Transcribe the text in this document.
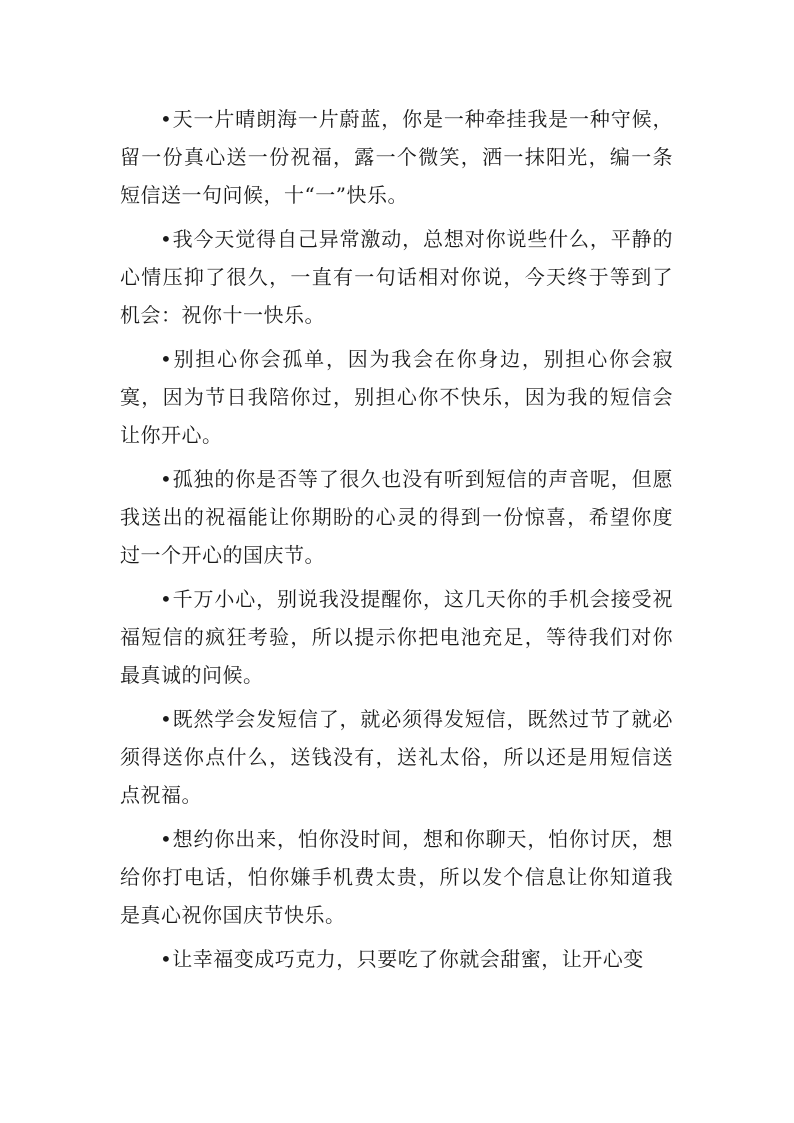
•天一片晴朗海一片蔚蓝，你是一种牵挂我是一种守候，留一份真心送一份祝福，露一个微笑，洒一抹阳光，编一条短信送一句问候，十“一”快乐。

•我今天觉得自己异常激动，总想对你说些什么，平静的心情压抑了很久，一直有一句话相对你说，今天终于等到了机会：祝你十一快乐。

•别担心你会孤单，因为我会在你身边，别担心你会寂寞，因为节日我陪你过，别担心你不快乐，因为我的短信会让你开心。

•孤独的你是否等了很久也没有听到短信的声音呢，但愿我送出的祝福能让你期盼的心灵的得到一份惊喜，希望你度过一个开心的国庆节。

•千万小心，别说我没提醒你，这几天你的手机会接受祝福短信的疯狂考验，所以提示你把电池充足，等待我们对你最真诚的问候。

•既然学会发短信了，就必须得发短信，既然过节了就必须得送你点什么，送钱没有，送礼太俗，所以还是用短信送点祝福。

•想约你出来，怕你没时间，想和你聊天，怕你讨厌，想给你打电话，怕你嫌手机费太贵，所以发个信息让你知道我是真心祝你国庆节快乐。

•让幸福变成巧克力，只要吃了你就会甜蜜，让开心变
